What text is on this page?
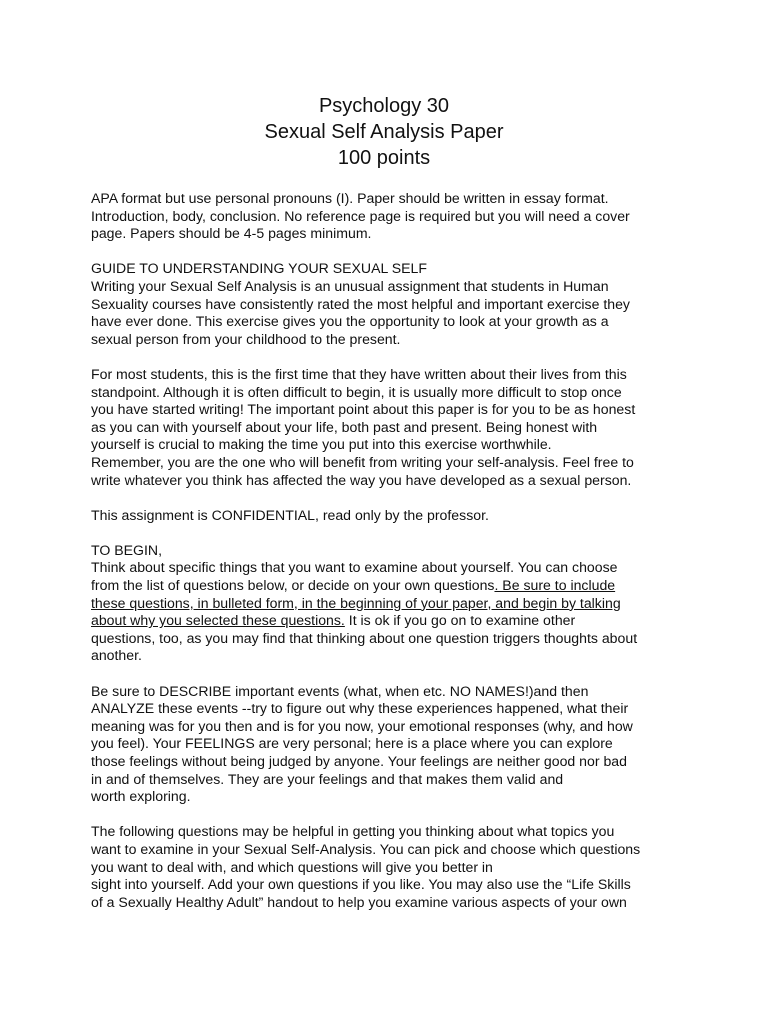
Psychology 30
Sexual Self Analysis Paper
100 points
APA format but use personal pronouns (I). Paper should be written in essay format.
Introduction, body, conclusion. No reference page is required but you will need a cover
page. Papers should be 4-5 pages minimum.
GUIDE TO UNDERSTANDING YOUR SEXUAL SELF
Writing your Sexual Self Analysis is an unusual assignment that students in Human
Sexuality courses have consistently rated the most helpful and important exercise they
have ever done. This exercise gives you the opportunity to look at your growth as a
sexual person from your childhood to the present.
For most students, this is the first time that they have written about their lives from this
standpoint. Although it is often difficult to begin, it is usually more difficult to stop once
you have started writing! The important point about this paper is for you to be as honest
as you can with yourself about your life, both past and present. Being honest with
yourself is crucial to making the time you put into this exercise worthwhile.
Remember, you are the one who will benefit from writing your self-analysis. Feel free to
write whatever you think has affected the way you have developed as a sexual person.
This assignment is CONFIDENTIAL, read only by the professor.
TO BEGIN,
Think about specific things that you want to examine about yourself. You can choose
from the list of questions below, or decide on your own questions. Be sure to include
these questions, in bulleted form, in the beginning of your paper, and begin by talking
about why you selected these questions. It is ok if you go on to examine other
questions, too, as you may find that thinking about one question triggers thoughts about
another.
Be sure to DESCRIBE important events (what, when etc. NO NAMES!)and then
ANALYZE these events --try to figure out why these experiences happened, what their
meaning was for you then and is for you now, your emotional responses (why, and how
you feel). Your FEELINGS are very personal; here is a place where you can explore
those feelings without being judged by anyone. Your feelings are neither good nor bad
in and of themselves. They are your feelings and that makes them valid and
worth exploring.
The following questions may be helpful in getting you thinking about what topics you
want to examine in your Sexual Self-Analysis. You can pick and choose which questions
you want to deal with, and which questions will give you better in
sight into yourself. Add your own questions if you like. You may also use the “Life Skills
of a Sexually Healthy Adult” handout to help you examine various aspects of your own
